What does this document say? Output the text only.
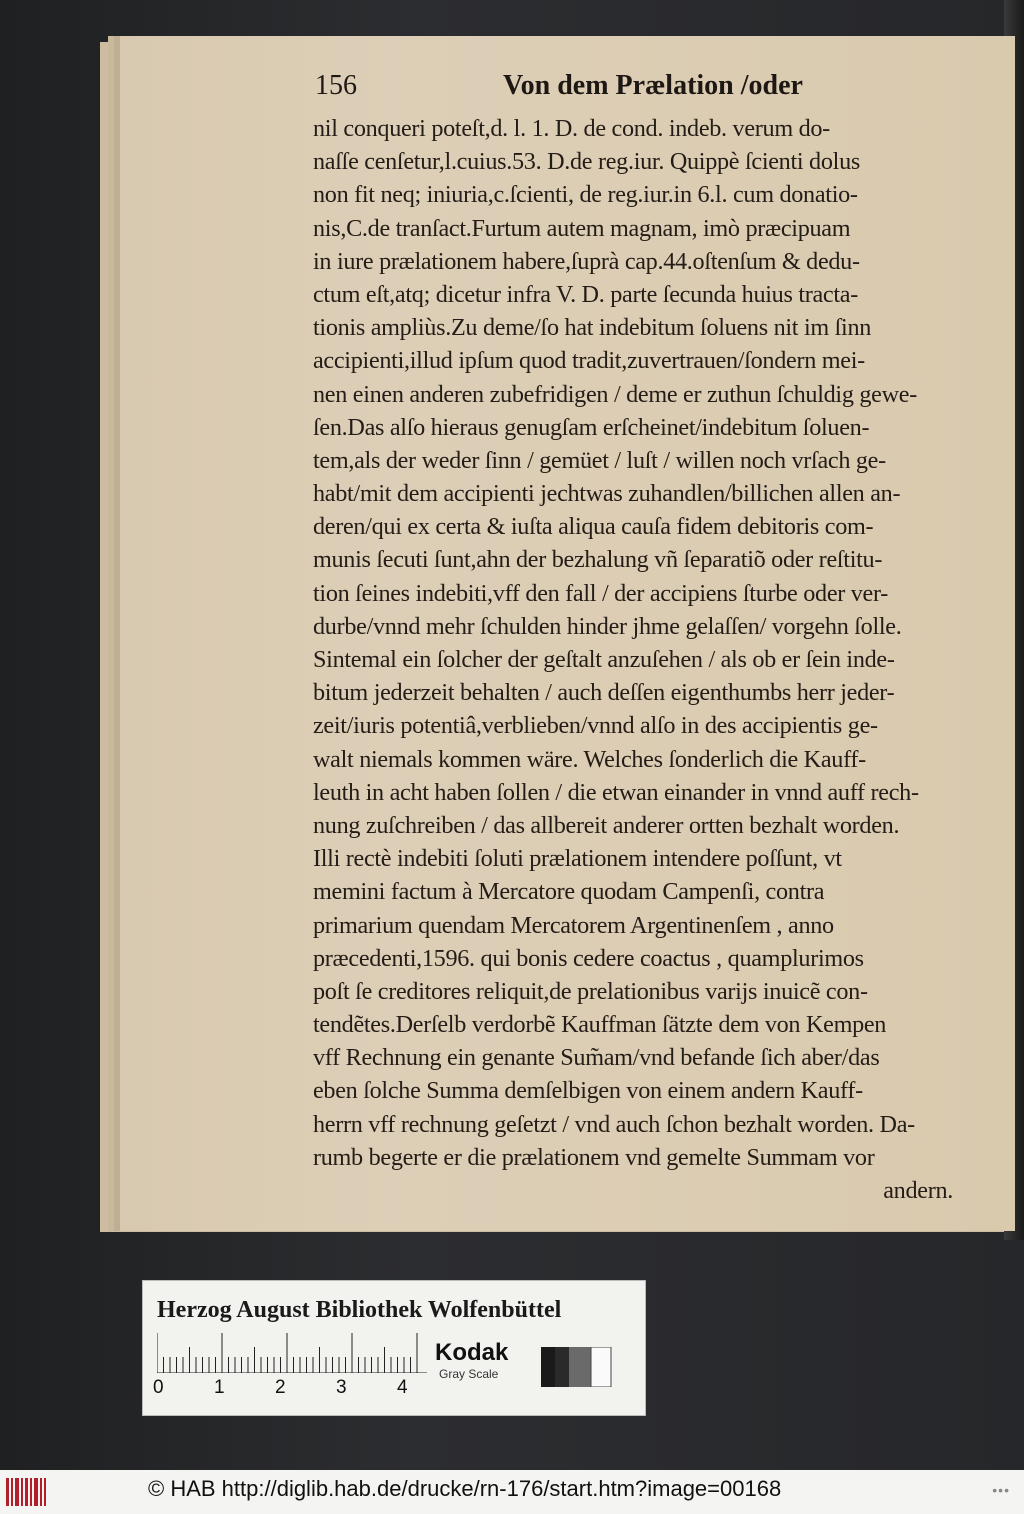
156	Von dem Prælation /oder
nil conqueri poteſt,d. l. 1. D. de cond. indeb. verum do-
naſſe cenſetur,l.cuius.53. D.de reg.iur. Quippè ſcienti dolus
non fit neq; iniuria,c.ſcienti, de reg.iur.in 6.l. cum donatio-
nis,C.de tranſact.Furtum autem magnam, imò præcipuam
in iure prælationem habere,ſuprà cap.44.oſtenſum & dedu-
ctum eſt,atq; dicetur infra V. D. parte ſecunda huius tracta-
tionis ampliùs.Zu deme/ſo hat indebitum ſoluens nit im ſinn
accipienti,illud ipſum quod tradit,zuvertrauen/ſondern mei-
nen einen anderen zubefridigen / deme er zuthun ſchuldig gewe-
ſen.Das alſo hieraus genugſam erſcheinet/indebitum ſoluen-
tem,als der weder ſinn / gemüet / luſt / willen noch vrſach ge-
habt/mit dem accipienti jechtwas zuhandlen/billichen allen an-
deren/qui ex certa & iuſta aliqua cauſa fidem debitoris com-
munis ſecuti ſunt,ahn der bezhalung vñ ſeparatiõ oder reſtitu-
tion ſeines indebiti,vff den fall / der accipiens ſturbe oder ver-
durbe/vnnd mehr ſchulden hinder jhme gelaſſen/ vorgehn ſolle.
Sintemal ein ſolcher der geſtalt anzuſehen / als ob er ſein inde-
bitum jederzeit behalten / auch deſſen eigenthumbs herr jeder-
zeit/iuris potentiâ,verblieben/vnnd alſo in des accipientis ge-
walt niemals kommen wäre. Welches ſonderlich die Kauff-
leuth in acht haben ſollen / die etwan einander in vnnd auff rech-
nung zuſchreiben / das allbereit anderer ortten bezhalt worden.
Illi rectè indebiti ſoluti prælationem intendere poſſunt, vt
memini factum à Mercatore quodam Campenſi, contra
primarium quendam Mercatorem Argentinenſem , anno
præcedenti,1596. qui bonis cedere coactus , quamplurimos
poſt ſe creditores reliquit,de prelationibus varijs inuicẽ con-
tendẽtes.Derſelb verdorbẽ Kauffman ſätzte dem von Kempen
vff Rechnung ein genante Sum̃am/vnd befande ſich aber/das
eben ſolche Summa demſelbigen von einem andern Kauff-
herrn vff rechnung geſetzt / vnd auch ſchon bezhalt worden. Da-
rumb begerte er die prælationem vnd gemelte Summam vor
andern.
Herzog August Bibliothek Wolfenbüttel
0	1	2	3	4
Kodak
Gray Scale
© HAB http://diglib.hab.de/drucke/rn-176/start.htm?image=00168	•••
